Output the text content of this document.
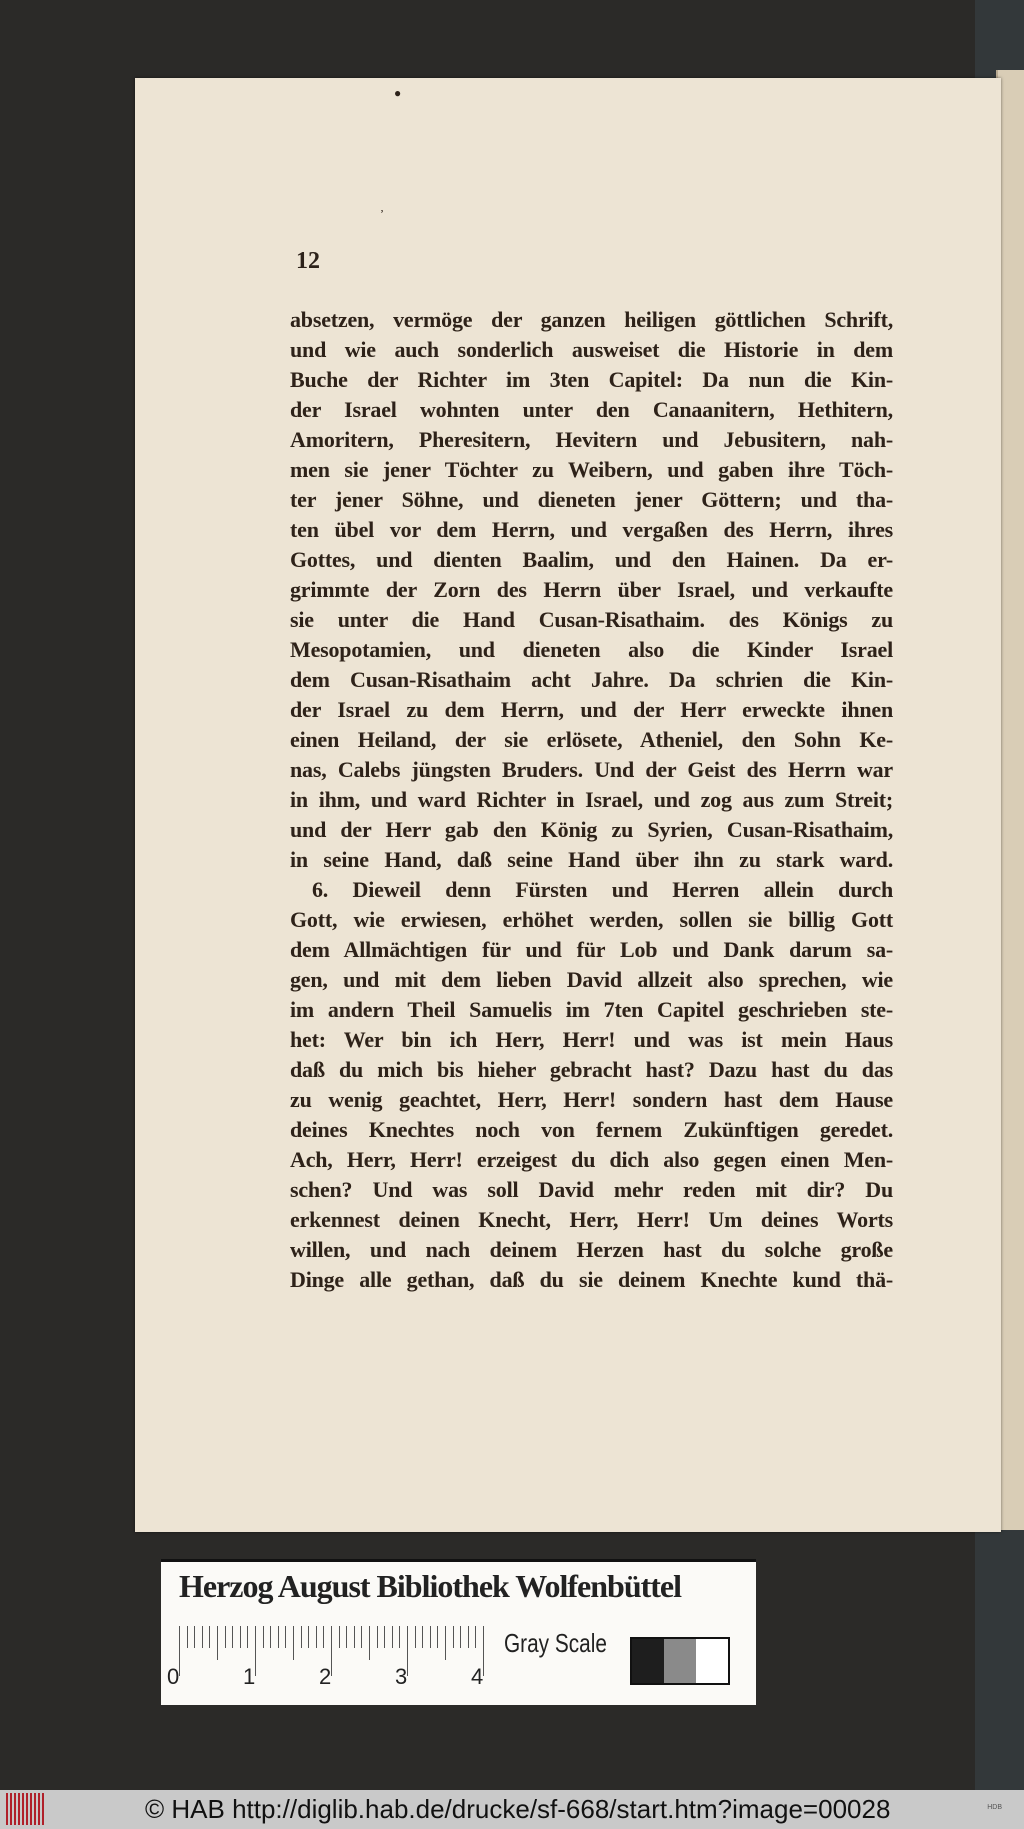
●
‚
12
absetzen, vermöge der ganzen heiligen göttlichen Schrift,
und wie auch sonderlich ausweiset die Historie in dem
Buche der Richter im 3ten Capitel: Da nun die Kin-
der Israel wohnten unter den Canaanitern, Hethitern,
Amoritern, Pheresitern, Hevitern und Jebusitern, nah-
men sie jener Töchter zu Weibern, und gaben ihre Töch-
ter jener Söhne, und dieneten jener Göttern; und tha-
ten übel vor dem Herrn, und vergaßen des Herrn, ihres
Gottes, und dienten Baalim, und den Hainen. Da er-
grimmte der Zorn des Herrn über Israel, und verkaufte
sie unter die Hand Cusan-Risathaim. des Königs zu
Mesopotamien, und dieneten also die Kinder Israel
dem Cusan-Risathaim acht Jahre. Da schrien die Kin-
der Israel zu dem Herrn, und der Herr erweckte ihnen
einen Heiland, der sie erlösete, Atheniel, den Sohn Ke-
nas, Calebs jüngsten Bruders. Und der Geist des Herrn war
in ihm, und ward Richter in Israel, und zog aus zum Streit;
und der Herr gab den König zu Syrien, Cusan-Risathaim,
in seine Hand, daß seine Hand über ihn zu stark ward.
6. Dieweil denn Fürsten und Herren allein durch
Gott, wie erwiesen, erhöhet werden, sollen sie billig Gott
dem Allmächtigen für und für Lob und Dank darum sa-
gen, und mit dem lieben David allzeit also sprechen, wie
im andern Theil Samuelis im 7ten Capitel geschrieben ste-
het: Wer bin ich Herr, Herr! und was ist mein Haus
daß du mich bis hieher gebracht hast? Dazu hast du das
zu wenig geachtet, Herr, Herr! sondern hast dem Hause
deines Knechtes noch von fernem Zukünftigen geredet.
Ach, Herr, Herr! erzeigest du dich also gegen einen Men-
schen? Und was soll David mehr reden mit dir? Du
erkennest deinen Knecht, Herr, Herr! Um deines Worts
willen, und nach deinem Herzen hast du solche große
Dinge alle gethan, daß du sie deinem Knechte kund thä-
Herzog August Bibliothek Wolfenbüttel
Gray Scale
0	1	2	3	4
© HAB http://diglib.hab.de/drucke/sf-668/start.htm?image=00028	HDB
